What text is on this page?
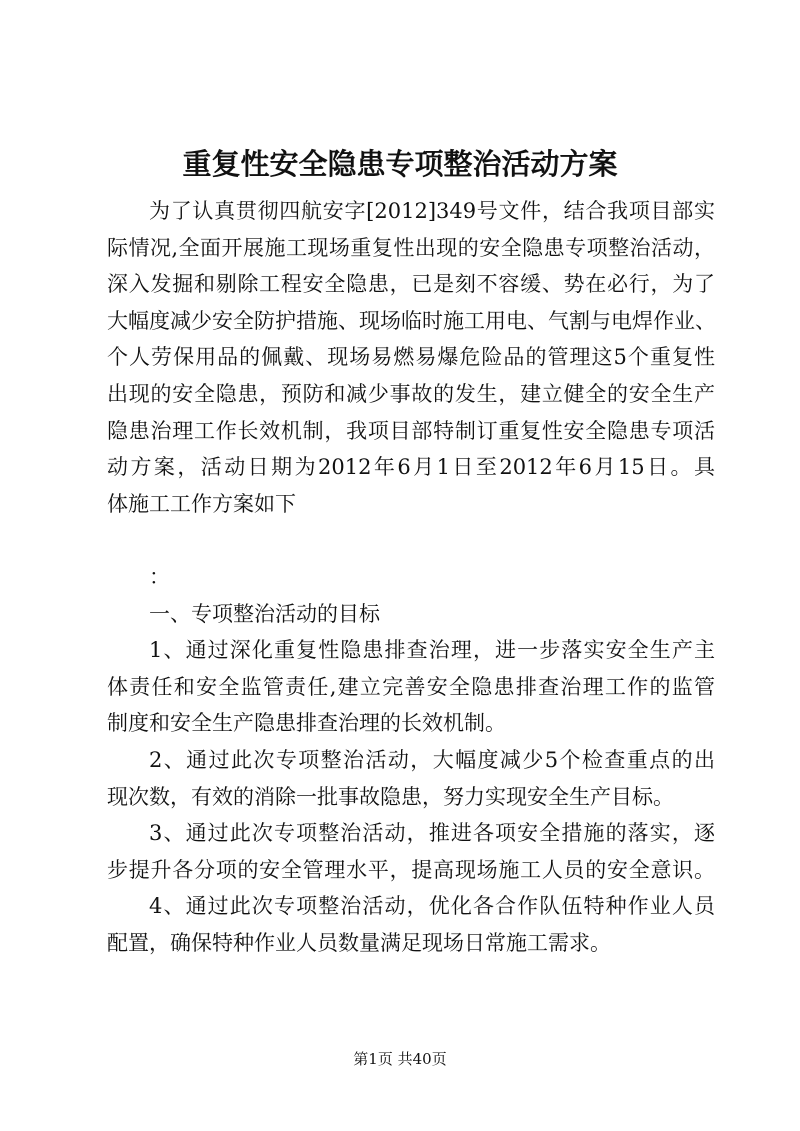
重复性安全隐患专项整治活动方案
为了认真贯彻四航安字[2012]349号文件，结合我项目部实
际情况,全面开展施工现场重复性出现的安全隐患专项整治活动，
深入发掘和剔除工程安全隐患，已是刻不容缓、势在必行，为了
大幅度减少安全防护措施、现场临时施工用电、气割与电焊作业、
个人劳保用品的佩戴、现场易燃易爆危险品的管理这5个重复性
出现的安全隐患，预防和减少事故的发生，建立健全的安全生产
隐患治理工作长效机制，我项目部特制订重复性安全隐患专项活
动方案，活动日期为2012年6月1日至2012年6月15日。具
体施工工作方案如下
：
一、专项整治活动的目标
1、通过深化重复性隐患排查治理，进一步落实安全生产主
体责任和安全监管责任,建立完善安全隐患排查治理工作的监管
制度和安全生产隐患排查治理的长效机制。
2、通过此次专项整治活动，大幅度减少5个检查重点的出
现次数，有效的消除一批事故隐患，努力实现安全生产目标。
3、通过此次专项整治活动，推进各项安全措施的落实，逐
步提升各分项的安全管理水平，提高现场施工人员的安全意识。
4、通过此次专项整治活动，优化各合作队伍特种作业人员
配置，确保特种作业人员数量满足现场日常施工需求。
第1页 共40页
